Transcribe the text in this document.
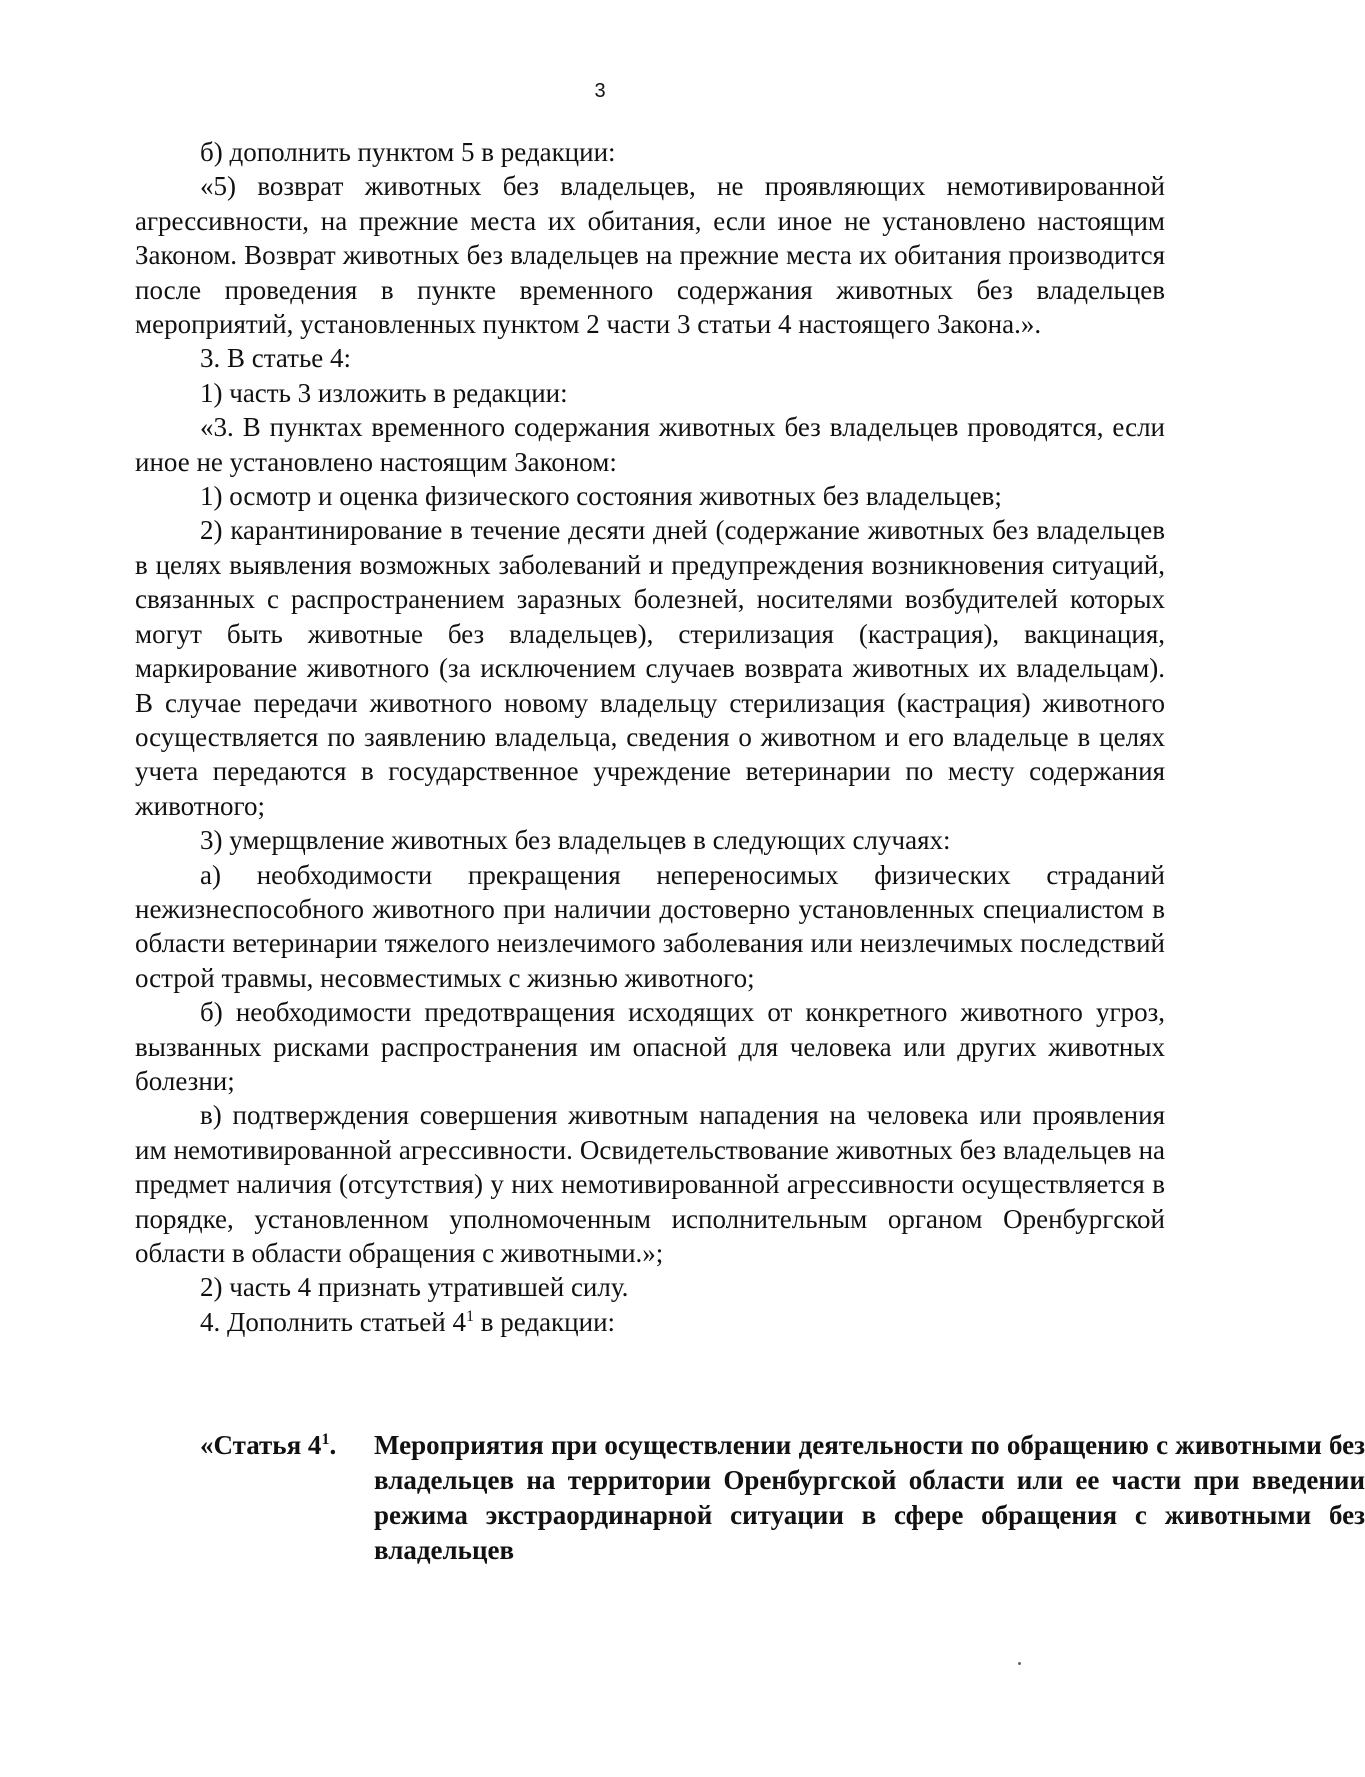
3

б) дополнить пунктом 5 в редакции:

«5) возврат животных без владельцев, не проявляющих немотивированной агрессивности, на прежние места их обитания, если иное не установлено настоящим Законом. Возврат животных без владельцев на прежние места их обитания производится после проведения в пункте временного содержания животных без владельцев мероприятий, установленных пунктом 2 части 3 статьи 4 настоящего Закона.».

3. В статье 4:

1) часть 3 изложить в редакции:

«3. В пунктах временного содержания животных без владельцев проводятся, если иное не установлено настоящим Законом:

1) осмотр и оценка физического состояния животных без владельцев;

2) карантинирование в течение десяти дней (содержание животных без владельцев в целях выявления возможных заболеваний и предупреждения возникновения ситуаций, связанных с распространением заразных болезней, носителями возбудителей которых могут быть животные без владельцев), стерилизация (кастрация), вакцинация, маркирование животного (за исключением случаев возврата животных их владельцам). В случае передачи животного новому владельцу стерилизация (кастрация) животного осуществляется по заявлению владельца, сведения о животном и его владельце в целях учета передаются в государственное учреждение ветеринарии по месту содержания животного;

3) умерщвление животных без владельцев в следующих случаях:

а) необходимости прекращения непереносимых физических страданий нежизнеспособного животного при наличии достоверно установленных специалистом в области ветеринарии тяжелого неизлечимого заболевания или неизлечимых последствий острой травмы, несовместимых с жизнью животного;

б) необходимости предотвращения исходящих от конкретного животного угроз, вызванных рисками распространения им опасной для человека или других животных болезни;

в) подтверждения совершения животным нападения на человека или проявления им немотивированной агрессивности. Освидетельствование животных без владельцев на предмет наличия (отсутствия) у них немотивированной агрессивности осуществляется в порядке, установленном уполномоченным исполнительным органом Оренбургской области в области обращения с животными.»;

2) часть 4 признать утратившей силу.

4. Дополнить статьей $4^1$ в редакции:

«Статья $4^1$. Мероприятия при осуществлении деятельности по обращению с животными без владельцев на территории Оренбургской области или ее части при введении режима экстраординарной ситуации в сфере обращения с животными без владельцев
